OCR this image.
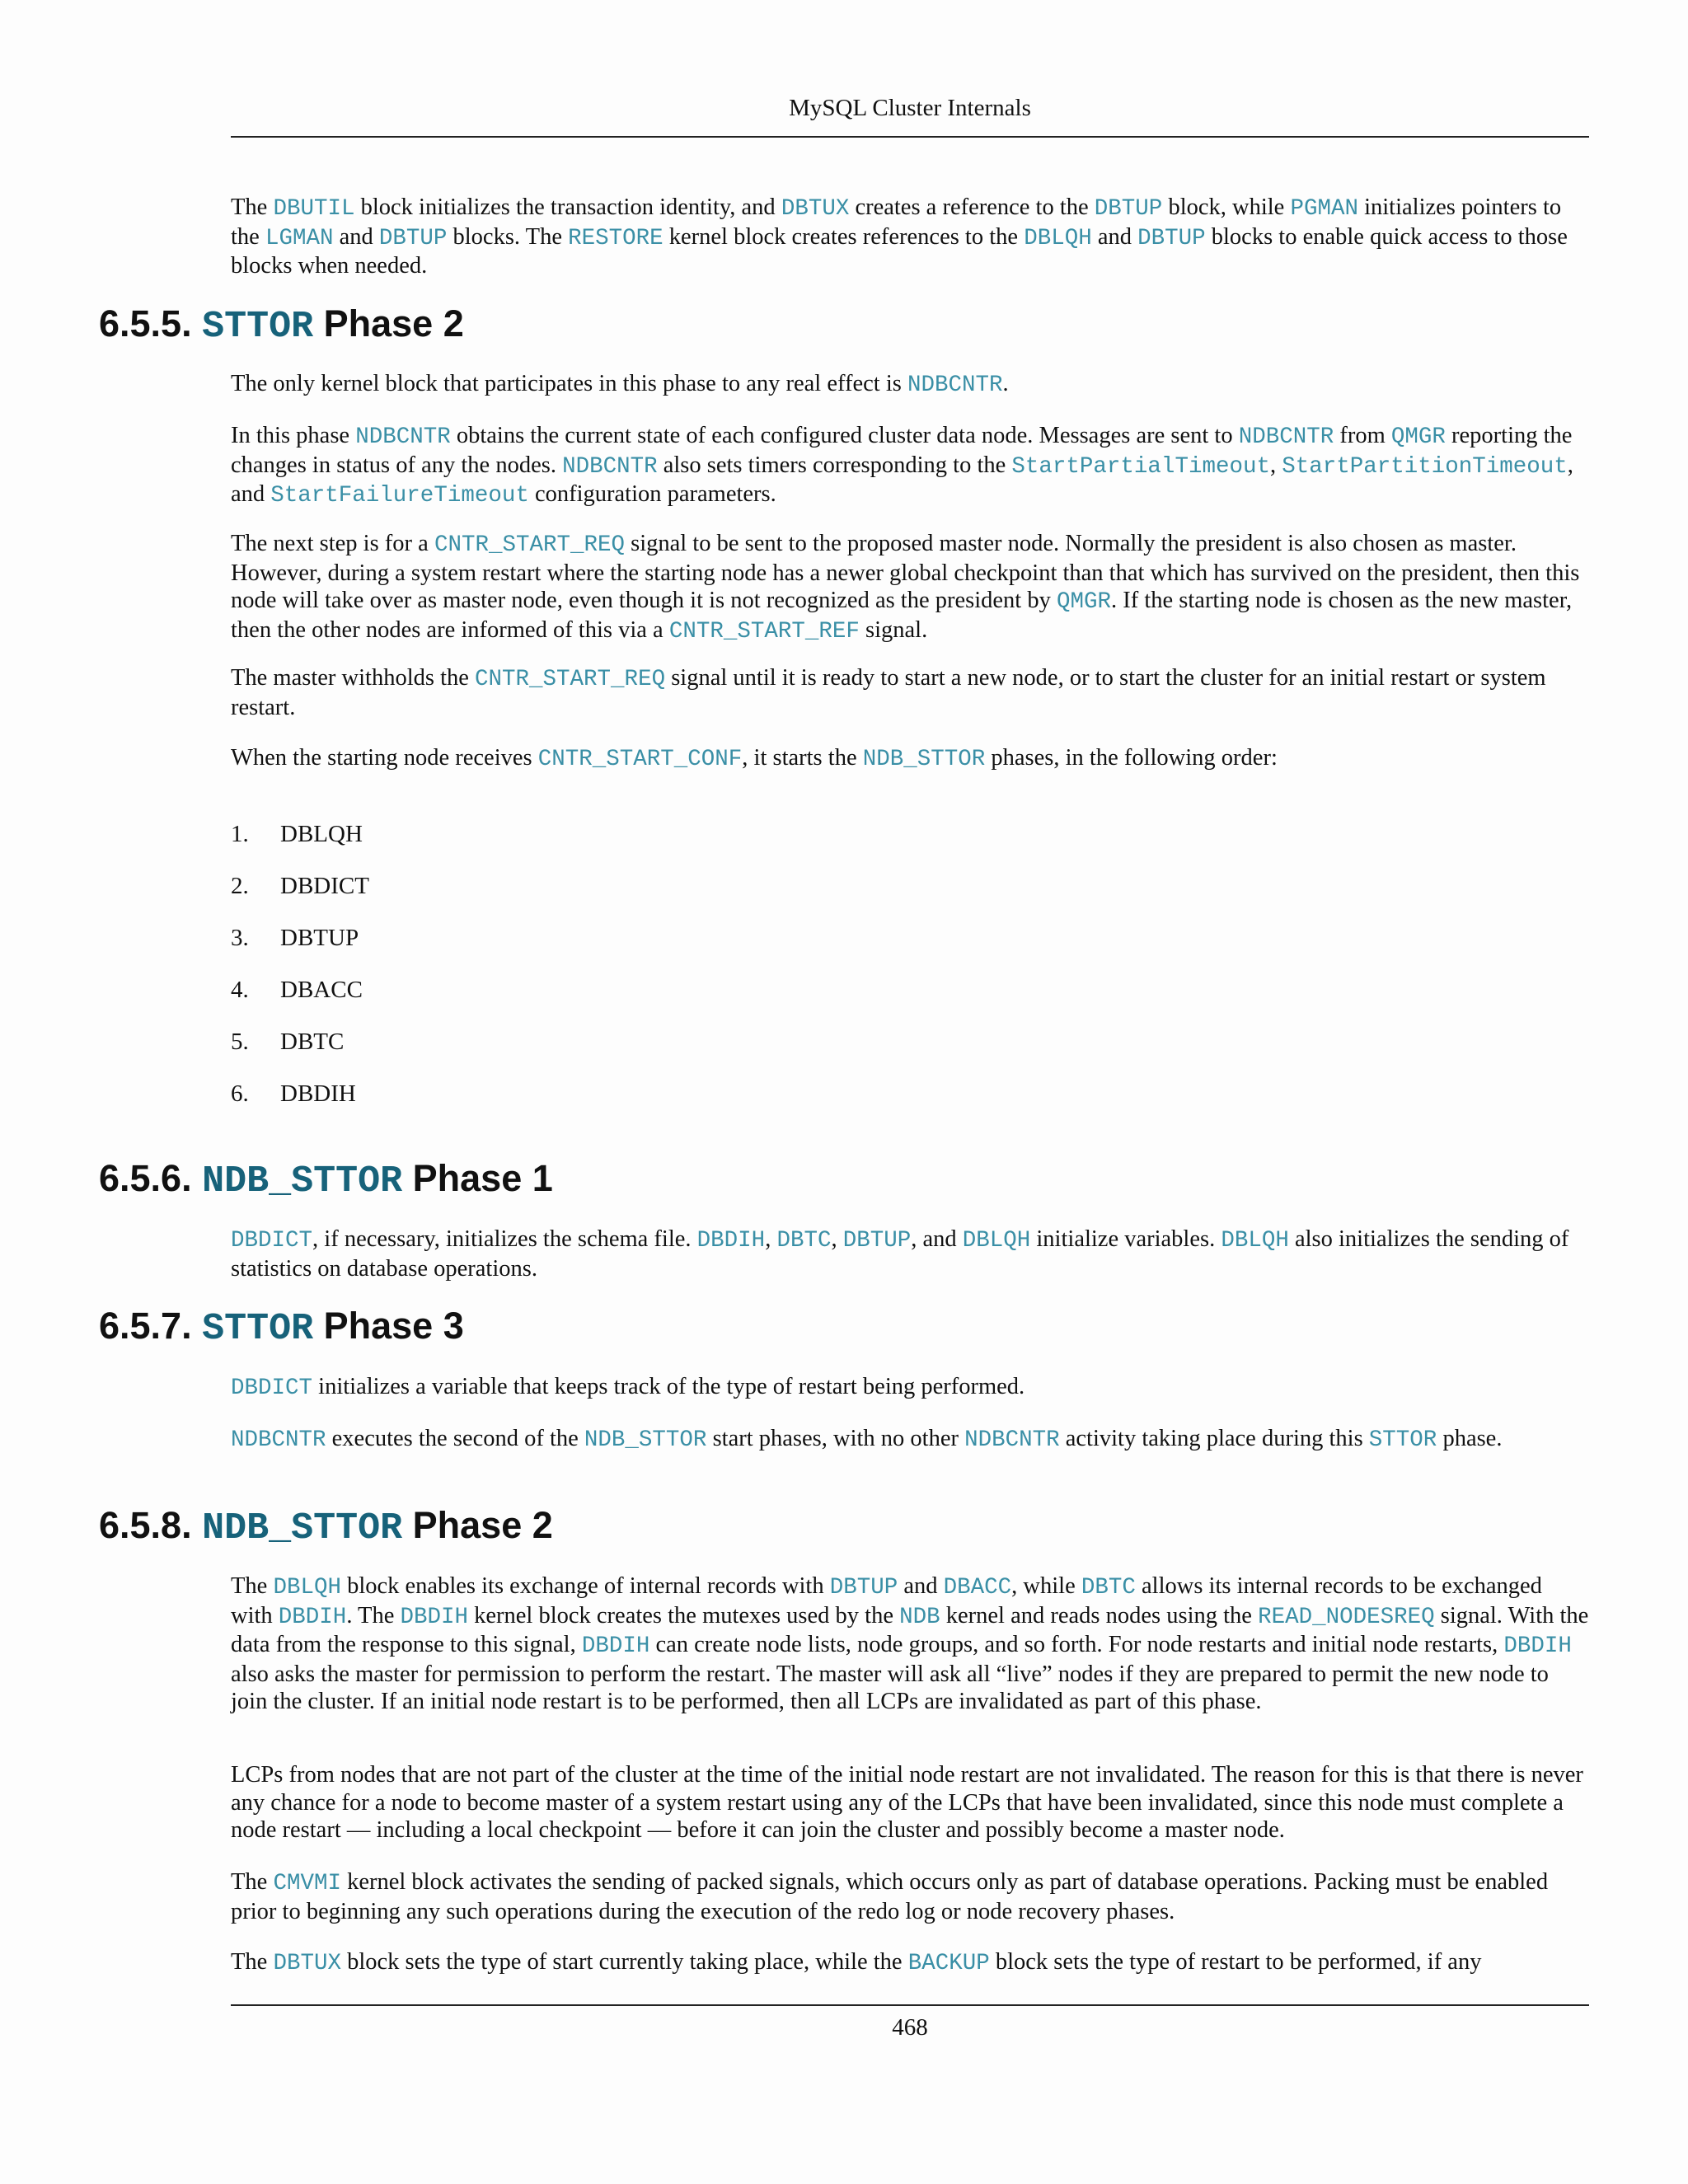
MySQL Cluster Internals

The DBUTIL block initializes the transaction identity, and DBTUX creates a reference to the DBTUP block, while PGMAN initializes pointers to the LGMAN and DBTUP blocks. The RESTORE kernel block creates references to the DBLQH and DBTUP blocks to enable quick access to those blocks when needed.

6.5.5. STTOR Phase 2

The only kernel block that participates in this phase to any real effect is NDBCNTR.

In this phase NDBCNTR obtains the current state of each configured cluster data node. Messages are sent to NDBCNTR from QMGR reporting the changes in status of any the nodes. NDBCNTR also sets timers corresponding to the StartPartialTimeout, StartPartitionTimeout, and StartFailureTimeout configuration parameters.

The next step is for a CNTR_START_REQ signal to be sent to the proposed master node. Normally the president is also chosen as master. However, during a system restart where the starting node has a newer global checkpoint than that which has survived on the president, then this node will take over as master node, even though it is not recognized as the president by QMGR. If the starting node is chosen as the new master, then the other nodes are informed of this via a CNTR_START_REF signal.

The master withholds the CNTR_START_REQ signal until it is ready to start a new node, or to start the cluster for an initial restart or system restart.

When the starting node receives CNTR_START_CONF, it starts the NDB_STTOR phases, in the following order:

1. DBLQH
2. DBDICT
3. DBTUP
4. DBACC
5. DBTC
6. DBDIH
6.5.6. NDB_STTOR Phase 1

DBDICT, if necessary, initializes the schema file. DBDIH, DBTC, DBTUP, and DBLQH initialize variables. DBLQH also initializes the sending of statistics on database operations.

6.5.7. STTOR Phase 3

DBDICT initializes a variable that keeps track of the type of restart being performed.

NDBCNTR executes the second of the NDB_STTOR start phases, with no other NDBCNTR activity taking place during this STTOR phase.

6.5.8. NDB_STTOR Phase 2

The DBLQH block enables its exchange of internal records with DBTUP and DBACC, while DBTC allows its internal records to be exchanged with DBDIH. The DBDIH kernel block creates the mutexes used by the NDB kernel and reads nodes using the READ_NODESREQ signal. With the data from the response to this signal, DBDIH can create node lists, node groups, and so forth. For node restarts and initial node restarts, DBDIH also asks the master for permission to perform the restart. The master will ask all “live” nodes if they are prepared to permit the new node to join the cluster. If an initial node restart is to be performed, then all LCPs are invalidated as part of this phase.

LCPs from nodes that are not part of the cluster at the time of the initial node restart are not invalidated. The reason for this is that there is never any chance for a node to become master of a system restart using any of the LCPs that have been invalidated, since this node must complete a node restart — including a local checkpoint — before it can join the cluster and possibly become a master node.

The CMVMI kernel block activates the sending of packed signals, which occurs only as part of database operations. Packing must be enabled prior to beginning any such operations during the execution of the redo log or node recovery phases.

The DBTUX block sets the type of start currently taking place, while the BACKUP block sets the type of restart to be performed, if any

468
